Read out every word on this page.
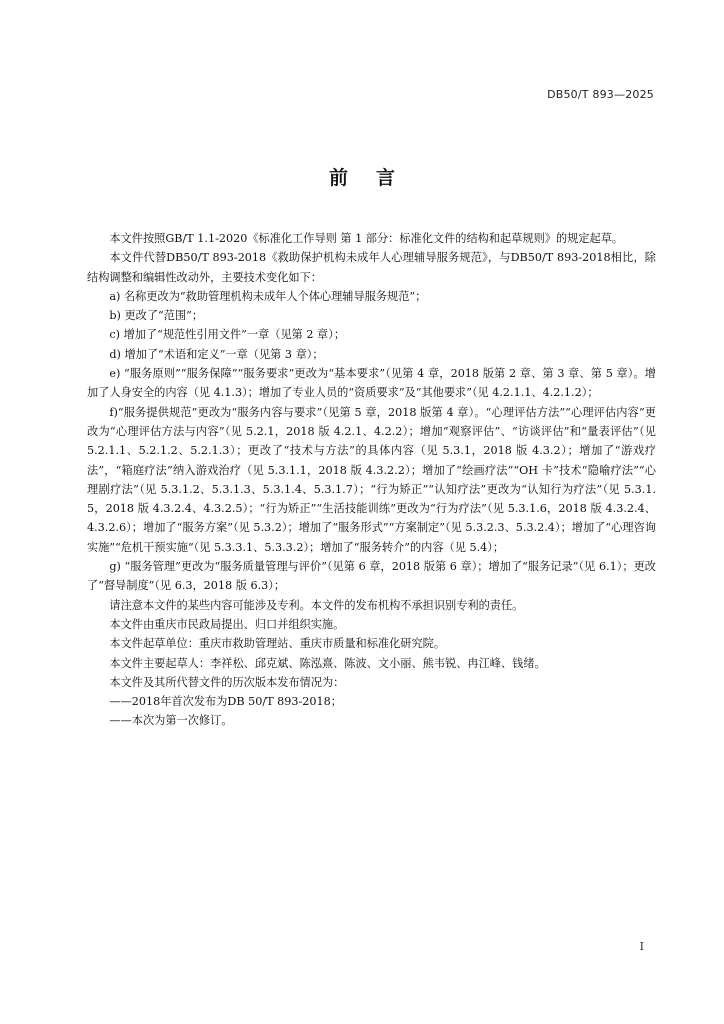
DB50/T 893—2025
前言

本文件按照GB/T 1.1-2020《标准化工作导则 第 1 部分：标准化文件的结构和起草规则》的规定起草。

本文件代替DB50/T 893-2018《救助保护机构未成年人心理辅导服务规范》，与DB50/T 893-2018相比，除结构调整和编辑性改动外，主要技术变化如下：

a) 名称更改为“救助管理机构未成年人个体心理辅导服务规范”；

b) 更改了“范围”；

c) 增加了“规范性引用文件”一章（见第 2 章）；

d) 增加了“术语和定义”一章（见第 3 章）；

e) “服务原则”“服务保障”“服务要求”更改为“基本要求”（见第 4 章，2018 版第 2 章、第 3 章、第 5 章）。增加了人身安全的内容（见 4.1.3）；增加了专业人员的“资质要求”及“其他要求”（见 4.2.1.1、4.2.1.2）；

f)“服务提供规范”更改为“服务内容与要求”（见第 5 章，2018 版第 4 章）。“心理评估方法”“心理评估内容”更改为“心理评估方法与内容”（见 5.2.1，2018 版 4.2.1、4.2.2）；增加“观察评估”、“访谈评估”和“量表评估”（见 5.2.1.1、5.2.1.2、5.2.1.3）；更改了“技术与方法”的具体内容（见 5.3.1，2018 版 4.3.2）；增加了“游戏疗法”，“箱庭疗法”纳入游戏治疗（见 5.3.1.1，2018 版 4.3.2.2）；增加了“绘画疗法”“OH 卡”技术“隐喻疗法”“心理剧疗法”（见 5.3.1.2、5.3.1.3、5.3.1.4、5.3.1.7）；“行为矫正”“认知疗法”更改为“认知行为疗法”（见 5.3.1.5，2018 版 4.3.2.4、4.3.2.5）；“行为矫正”“生活技能训练”更改为“行为疗法”（见 5.3.1.6，2018 版 4.3.2.4、4.3.2.6）；增加了“服务方案”（见 5.3.2）；增加了“服务形式”“方案制定”（见 5.3.2.3、5.3.2.4）；增加了“心理咨询实施”“危机干预实施”（见 5.3.3.1、5.3.3.2）；增加了“服务转介”的内容（见 5.4）；

g) “服务管理”更改为“服务质量管理与评价”（见第 6 章，2018 版第 6 章）；增加了“服务记录”（见 6.1）；更改了“督导制度”（见 6.3，2018 版 6.3）；

请注意本文件的某些内容可能涉及专利。本文件的发布机构不承担识别专利的责任。

本文件由重庆市民政局提出、归口并组织实施。

本文件起草单位：重庆市救助管理站、重庆市质量和标准化研究院。

本文件主要起草人：李祥松、邱克斌、陈泓熹、陈波、文小丽、熊韦锐、冉江峰、钱绪。

本文件及其所代替文件的历次版本发布情况为：

——2018年首次发布为DB 50/T 893-2018；

——本次为第一次修订。

I
